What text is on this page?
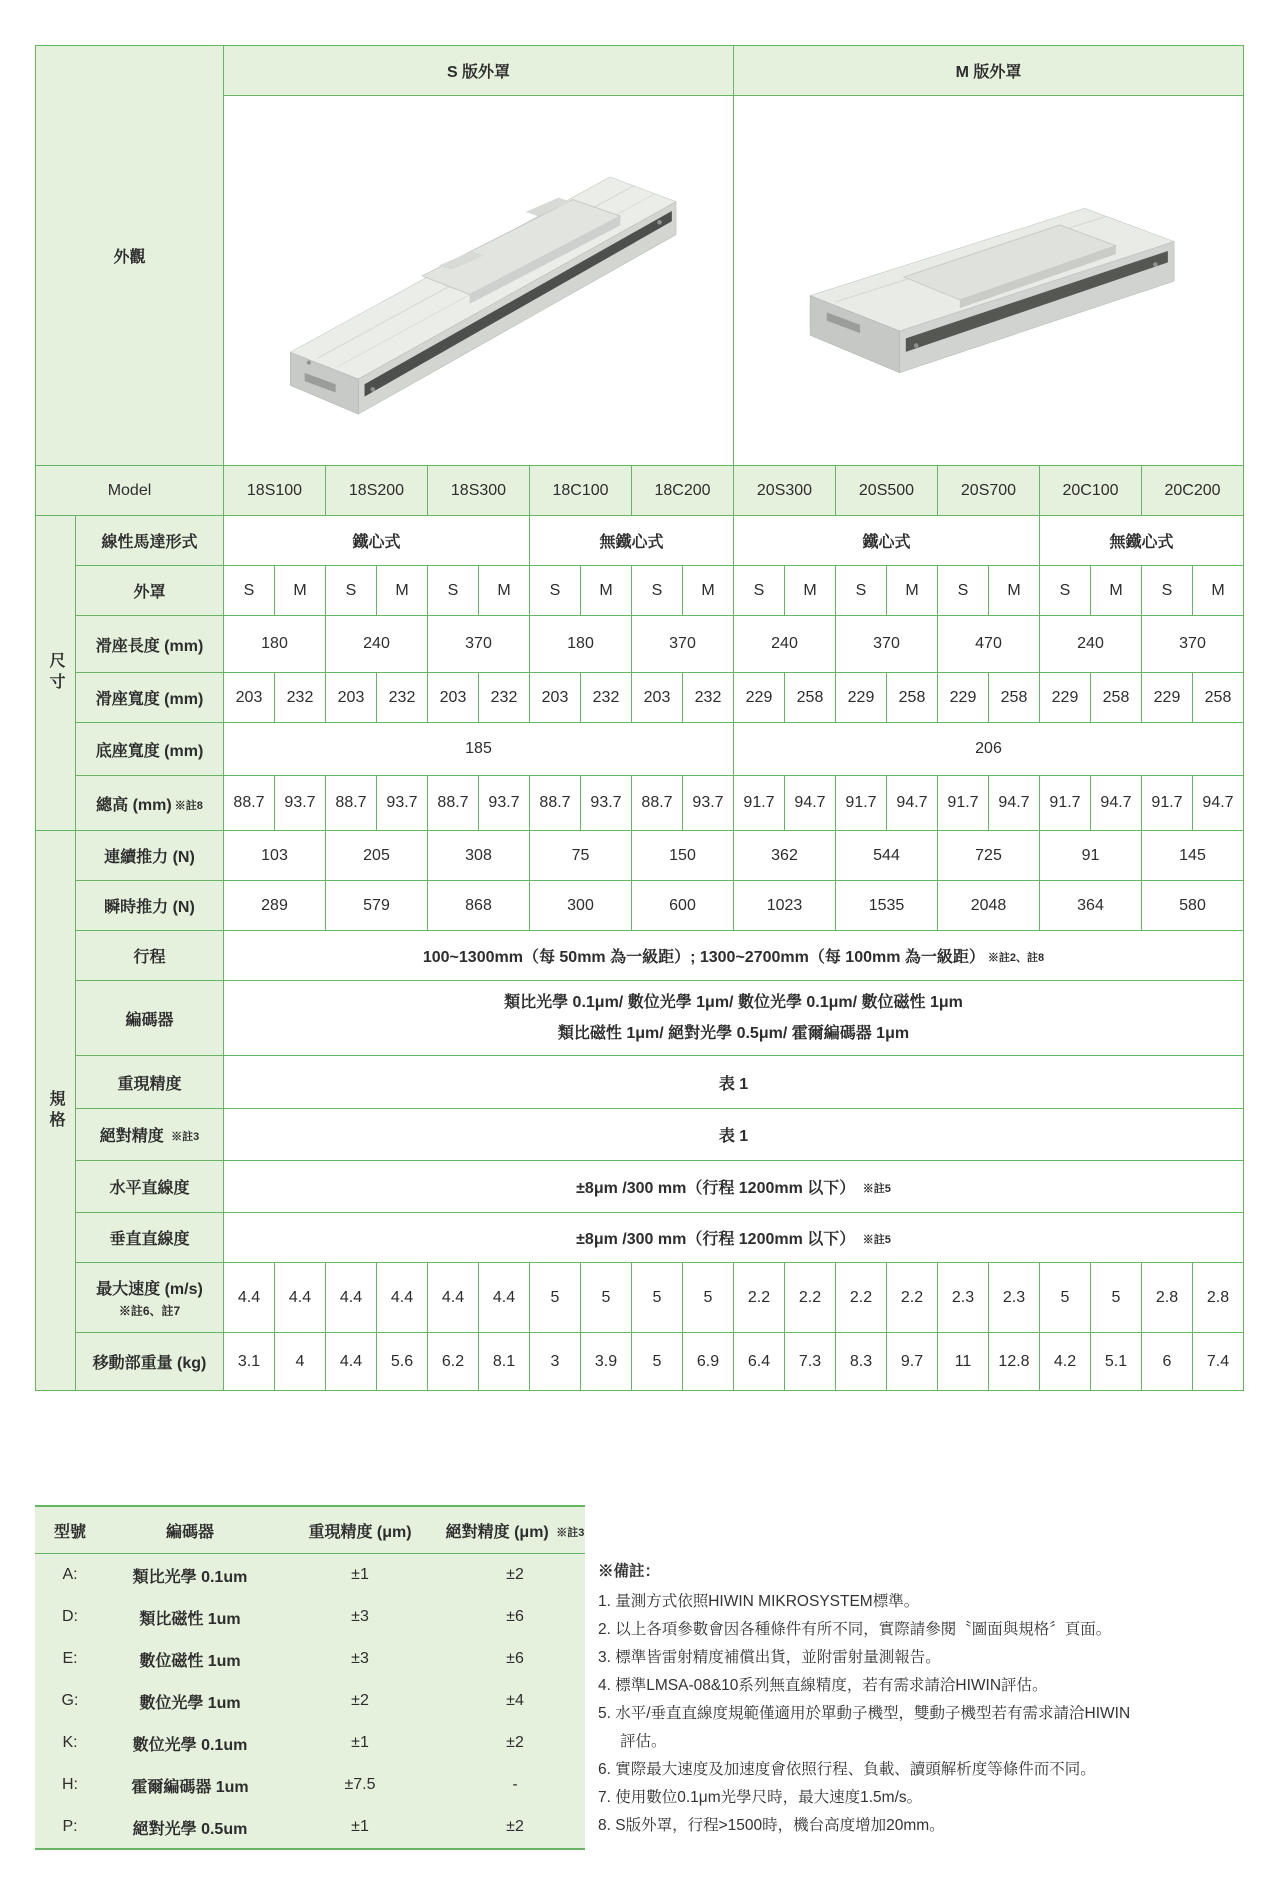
外觀		S 版外罩										M 版外罩									

Model		18S100		18S200		18S300		18C100		18C200		20S300		20S500		20S700		20C100		20C200	
尺寸	線性馬達形式	鐵心式						無鐵心式				鐵心式						無鐵心式			
	外罩	S	M	S	M	S	M	S	M	S	M	S	M	S	M	S	M	S	M	S	M
	滑座長度 (mm)	180		240		370		180		370		240		370		470		240		370	
	滑座寬度 (mm)	203	232	203	232	203	232	203	232	203	232	229	258	229	258	229	258	229	258	229	258
	底座寬度 (mm)	185										206									
	總高 (mm) ※註8	88.7	93.7	88.7	93.7	88.7	93.7	88.7	93.7	88.7	93.7	91.7	94.7	91.7	94.7	91.7	94.7	91.7	94.7	91.7	94.7
規格	連續推力 (N)	103		205		308		75		150		362		544		725		91		145	
	瞬時推力 (N)	289		579		868		300		600		1023		1535		2048		364		580	
	行程	100~1300mm（每 50mm 為一級距）; 1300~2700mm（每 100mm 為一級距） ※註2、註8																			
	編碼器	類比光學 0.1μm/ 數位光學 1μm/ 數位光學 0.1μm/ 數位磁性 1μm
類比磁性 1μm/ 絕對光學 0.5μm/ 霍爾編碼器 1μm																			

	重現精度	表 1																			
	絕對精度 ※註3	表 1																			
	水平直線度	±8μm /300 mm（行程 1200mm 以下） ※註5																			
	垂直直線度	±8μm /300 mm（行程 1200mm 以下） ※註5																			

	最大速度 (m/s)
※註6、註7	4.4	4.4	4.4	4.4	4.4	4.4	5	5	5	5	2.2	2.2	2.2	2.2	2.3	2.3	5	5	2.8	2.8
	移動部重量 (kg)	3.1	4	4.4	5.6	6.2	8.1	3	3.9	5	6.9	6.4	7.3	8.3	9.7	11	12.8	4.2	5.1	6	7.4
型號	編碼器	重現精度 (μm)	絕對精度 (μm) ※註3
A:	類比光學 0.1um	±1	±2
D:	類比磁性 1um	±3	±6
E:	數位磁性 1um	±3	±6
G:	數位光學 1um	±2	±4
K:	數位光學 0.1um	±1	±2
H:	霍爾編碼器 1um	±7.5	-
P:	絕對光學 0.5um	±1	±2
※備註：
1. 量測方式依照HIWIN MIKROSYSTEM標準。
2. 以上各項參數會因各種條件有所不同，實際請參閱〝圖面與規格〞頁面。
3. 標準皆雷射精度補償出貨，並附雷射量測報告。
4. 標準LMSA-08&10系列無直線精度，若有需求請洽HIWIN評估。
5. 水平/垂直直線度規範僅適用於單動子機型，雙動子機型若有需求請洽HIWIN評估。
6. 實際最大速度及加速度會依照行程、負載、讀頭解析度等條件而不同。
7. 使用數位0.1μm光學尺時，最大速度1.5m/s。
8. S版外罩，行程>1500時，機台高度增加20mm。
